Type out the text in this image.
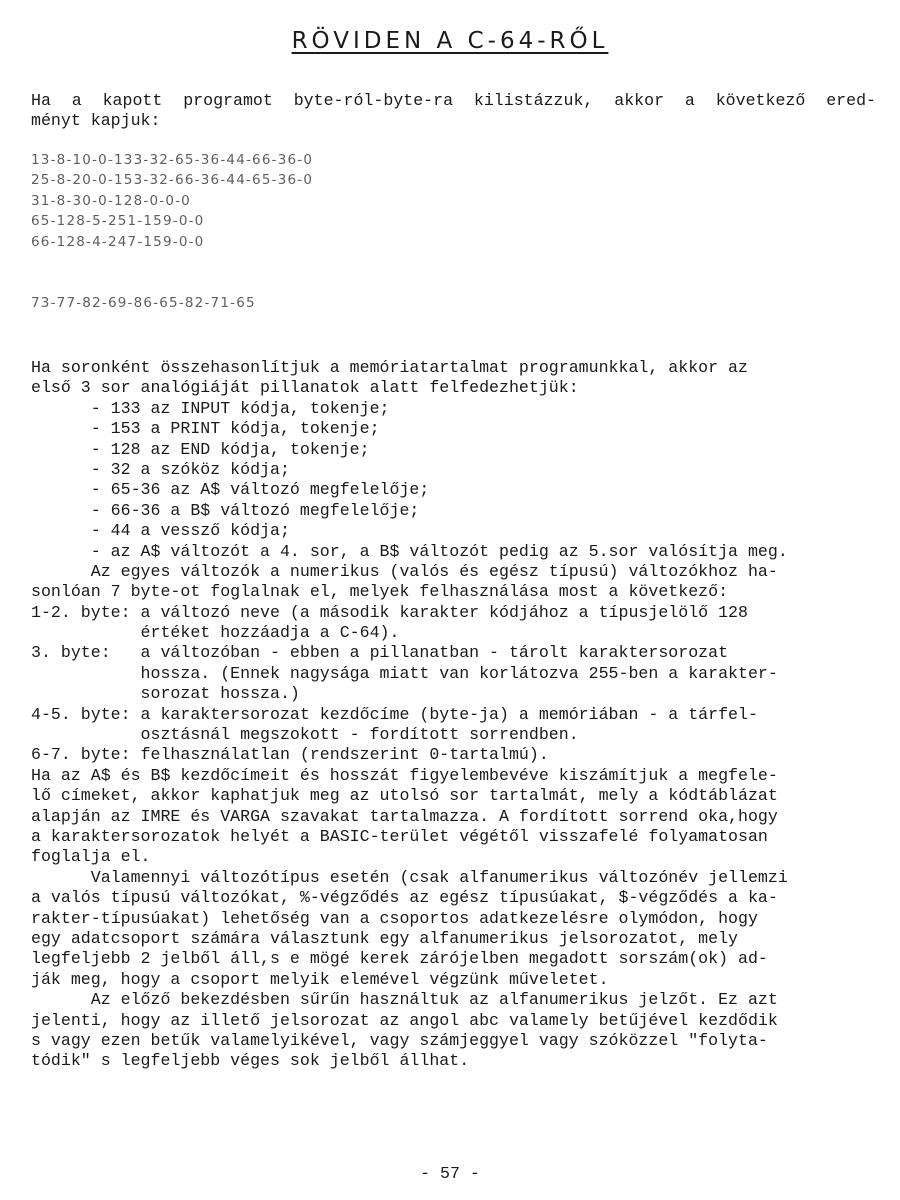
RÖVIDEN A C-64-RŐL
Ha a kapott programot byte-ról-byte-ra kilistázzuk, akkor a következő ered-
ményt kapjuk:
13-8-10-0-133-32-65-36-44-66-36-0
25-8-20-0-153-32-66-36-44-65-36-0
31-8-30-0-128-0-0-0
65-128-5-251-159-0-0
66-128-4-247-159-0-0
73-77-82-69-86-65-82-71-65
Ha soronként összehasonlítjuk a memóriatartalmat programunkkal, akkor az
első 3 sor analógiáját pillanatok alatt felfedezhetjük:
- 133 az INPUT kódja, tokenje;
- 153 a PRINT kódja, tokenje;
- 128 az END kódja, tokenje;
- 32 a szóköz kódja;
- 65-36 az A$ változó megfelelője;
- 66-36 a B$ változó megfelelője;
- 44 a vessző kódja;
- az A$ változót a 4. sor, a B$ változót pedig az 5.sor valósítja meg.
Az egyes változók a numerikus (valós és egész típusú) változókhoz ha-
sonlóan 7 byte-ot foglalnak el, melyek felhasználása most a következő:
1-2. byte: a változó neve (a második karakter kódjához a típusjelölő 128
értéket hozzáadja a C-64).
3. byte:   a változóban - ebben a pillanatban - tárolt karaktersorozat
hossza. (Ennek nagysága miatt van korlátozva 255-ben a karakter-
sorozat hossza.)
4-5. byte: a karaktersorozat kezdőcíme (byte-ja) a memóriában - a tárfel-
osztásnál megszokott - fordított sorrendben.
6-7. byte: felhasználatlan (rendszerint 0-tartalmú).
Ha az A$ és B$ kezdőcímeit és hosszát figyelembevéve kiszámítjuk a megfele-
lő címeket, akkor kaphatjuk meg az utolsó sor tartalmát, mely a kódtáblázat
alapján az IMRE és VARGA szavakat tartalmazza. A fordított sorrend oka,hogy
a karaktersorozatok helyét a BASIC-terület végétől visszafelé folyamatosan
foglalja el.
Valamennyi változótípus esetén (csak alfanumerikus változónév jellemzi
a valós típusú változókat, %-végződés az egész típusúakat, $-végződés a ka-
rakter-típusúakat) lehetőség van a csoportos adatkezelésre olymódon, hogy
egy adatcsoport számára választunk egy alfanumerikus jelsorozatot, mely
legfeljebb 2 jelből áll,s e mögé kerek zárójelben megadott sorszám(ok) ad-
ják meg, hogy a csoport melyik elemével végzünk műveletet.
Az előző bekezdésben sűrűn használtuk az alfanumerikus jelzőt. Ez azt
jelenti, hogy az illető jelsorozat az angol abc valamely betűjével kezdődik
s vagy ezen betűk valamelyikével, vagy számjeggyel vagy szóközzel "folyta-
tódik" s legfeljebb véges sok jelből állhat.
- 57 -
